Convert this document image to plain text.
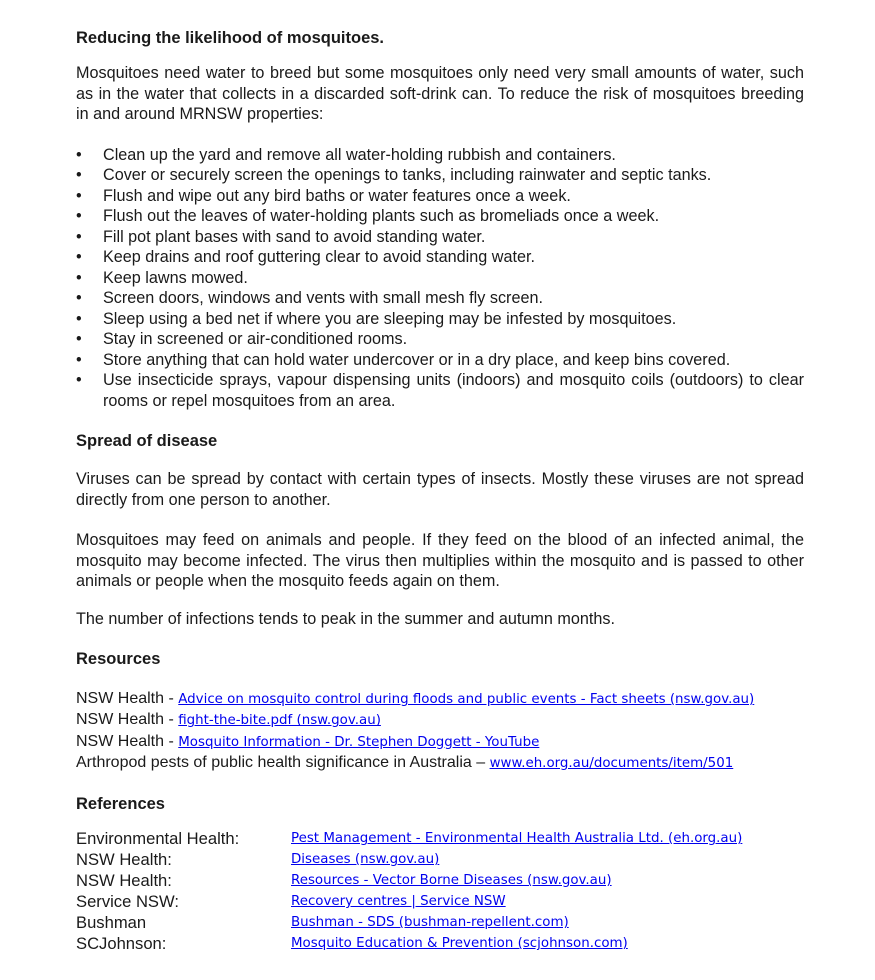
Reducing the likelihood of mosquitoes.

Mosquitoes need water to breed but some mosquitoes only need very small amounts of water, such as in the water that collects in a discarded soft-drink can. To reduce the risk of mosquitoes breeding in and around MRNSW properties:

• Clean up the yard and remove all water-holding rubbish and containers.
• Cover or securely screen the openings to tanks, including rainwater and septic tanks.
• Flush and wipe out any bird baths or water features once a week.
• Flush out the leaves of water-holding plants such as bromeliads once a week.
• Fill pot plant bases with sand to avoid standing water.
• Keep drains and roof guttering clear to avoid standing water.
• Keep lawns mowed.
• Screen doors, windows and vents with small mesh fly screen.
• Sleep using a bed net if where you are sleeping may be infested by mosquitoes.
• Stay in screened or air-conditioned rooms.
• Store anything that can hold water undercover or in a dry place, and keep bins covered.
• Use insecticide sprays, vapour dispensing units (indoors) and mosquito coils (outdoors) to clear rooms or repel mosquitoes from an area.
Spread of disease

Viruses can be spread by contact with certain types of insects. Mostly these viruses are not spread directly from one person to another.

Mosquitoes may feed on animals and people. If they feed on the blood of an infected animal, the mosquito may become infected. The virus then multiplies within the mosquito and is passed to other animals or people when the mosquito feeds again on them.

The number of infections tends to peak in the summer and autumn months.

Resources
NSW Health - Advice on mosquito control during floods and public events - Fact sheets (nsw.gov.au)
NSW Health - fight-the-bite.pdf (nsw.gov.au)
NSW Health - Mosquito Information - Dr. Stephen Doggett - YouTube
Arthropod pests of public health significance in Australia – www.eh.org.au/documents/item/501
References
Environmental Health:	Pest Management - Environmental Health Australia Ltd. (eh.org.au)
NSW Health:	Diseases (nsw.gov.au)
NSW Health:	Resources - Vector Borne Diseases (nsw.gov.au)
Service NSW:	Recovery centres | Service NSW
Bushman	Bushman - SDS (bushman-repellent.com)
SCJohnson:	Mosquito Education & Prevention (scjohnson.com)
